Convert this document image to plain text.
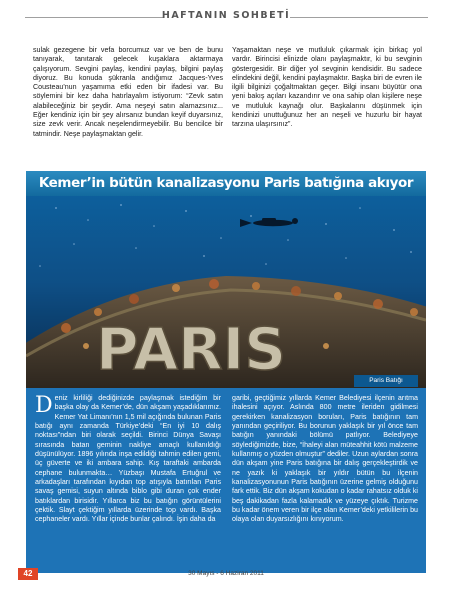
HAFTANIN SOHBETİ

sulak gezegene bir vefa borcumuz var ve ben de bunu tanıyarak, tanıtarak gelecek kuşaklara aktarmaya çalışıyorum. Sevgini paylaş, kendini paylaş, bilgini paylaş diyoruz. Bu konuda şükranla andığımız Jacques-Yves Cousteau'nun yaşamıma etki eden bir ifadesi var. Bu söylemini bir kez daha hatırlayalım istiyorum: “Zevk satın alabileceğiniz bir şeydir. Ama neşeyi satın alamazsınız... Eğer kendiniz için bir şey alırsanız bundan keyif duyarsınız, size zevk verir. Ancak neşelendirmeyebilir. Bu bencilce bir tatmindir. Neşe paylaşmaktan gelir.

Yaşamaktan neşe ve mutluluk çıkarmak için birkaç yol vardır. Birincisi elinizde olanı paylaşmaktır, ki bu sevginin göstergesidir. Bir diğer yol sevginin kendisidir. Bu sadece elindekini değil, kendini paylaşmaktır. Başka biri de evren ile ilgili bilginizi çoğaltmaktan geçer. Bilgi insanı büyütür ona yeni bakış açıları kazandırır ve ona sahip olan kişilere neşe ve mutluluk kaynağı olur. Başkalarını düşünmek için kendinizi unuttuğunuz her an neşeli ve huzurlu bir hayat tarzına ulaşırsınız”.

Kemer’in bütün kanalizasyonu Paris batığına akıyor
PARIS	Paris Batığı
Deniz kirliliği dediğinizde paylaşmak istediğim bir başka olay da Kemer’de, dün akşam yaşadıklarımız. Kemer Yat Limanı’nın 1,5 mil açığında bulunan Paris batığı aynı zamanda Türkiye’deki “En iyi 10 dalış noktası”ndan biri olarak seçildi. Birinci Dünya Savaşı sırasında batan geminin nakliye amaçlı kullanıldığı düşünülüyor. 1896 yılında inşa edildiği tahmin edilen gemi, üç güverte ve iki ambara sahip. Kış taraftaki ambarda cephane bulunmakta… Yüzbaşı Mustafa Ertuğrul ve arkadaşları tarafından kıyıdan top atışıyla batırılan Paris savaş gemisi, suyun altında biblo gibi duran çok ender batıklardan birisidir. Yıllarca biz bu batığın görüntülerini çektik. Slayt çektiğim yıllarda üzerinde top vardı. Başka cephaneler vardı. Yıllar içinde bunlar çalındı. İşin daha da
garibi, geçtiğimiz yıllarda Kemer Belediyesi ilçenin arıtma ihalesini açıyor. Aslında 800 metre ileriden gidilmesi gerekirken kanalizasyon boruları, Paris batığının tam yanından geçiriliyor. Bu borunun yaklaşık bir yıl önce tam batığın yanındaki bölümü patlıyor. Belediyeye söylediğimizde, bize, “İhaleyi alan müteahhit kötü malzeme kullanmış o yüzden olmuştur” dediler. Uzun aylardan sonra dün akşam yine Paris batığına bir dalış gerçekleştirdik ve ne yazık ki yaklaşık bir yıldır bütün bu ilçenin kanalizasyonunun Paris batığının üzerine gelmiş olduğunu fark ettik. Biz dün akşam kokudan o kadar rahatsız olduk ki beş dakikadan fazla kalamadık ve yüzeye çıktık. Turizme bu kadar önem veren bir ilçe olan Kemer’deki yetkililerin bu olaya olan duyarsızlığını kınıyorum.
42	30 Mayıs - 6 Haziran 2011
